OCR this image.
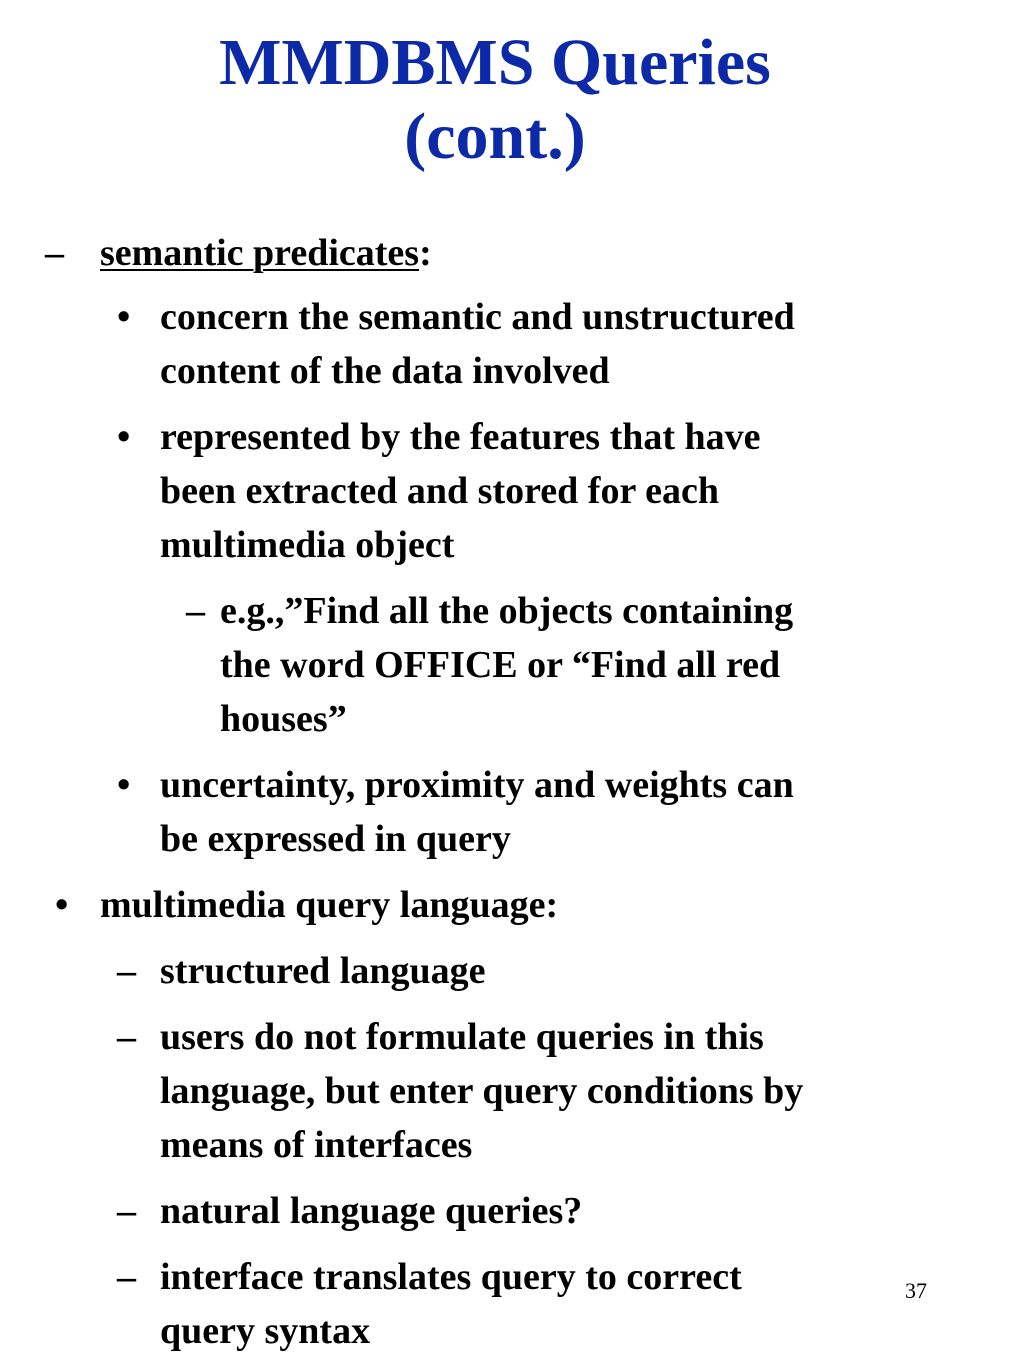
MMDBMS Queries
(cont.)
– semantic predicates:
• concern the semantic and unstructured
content of the data involved
• represented by the features that have
been extracted and stored for each
multimedia object
– e.g.,”Find all the objects containing
the word OFFICE or “Find all red
houses”
• uncertainty, proximity and weights can
be expressed in query
• multimedia query language:
– structured language
– users do not formulate queries in this
language, but enter query conditions by
means of interfaces
– natural language queries?
– interface translates query to correct
query syntax
37
